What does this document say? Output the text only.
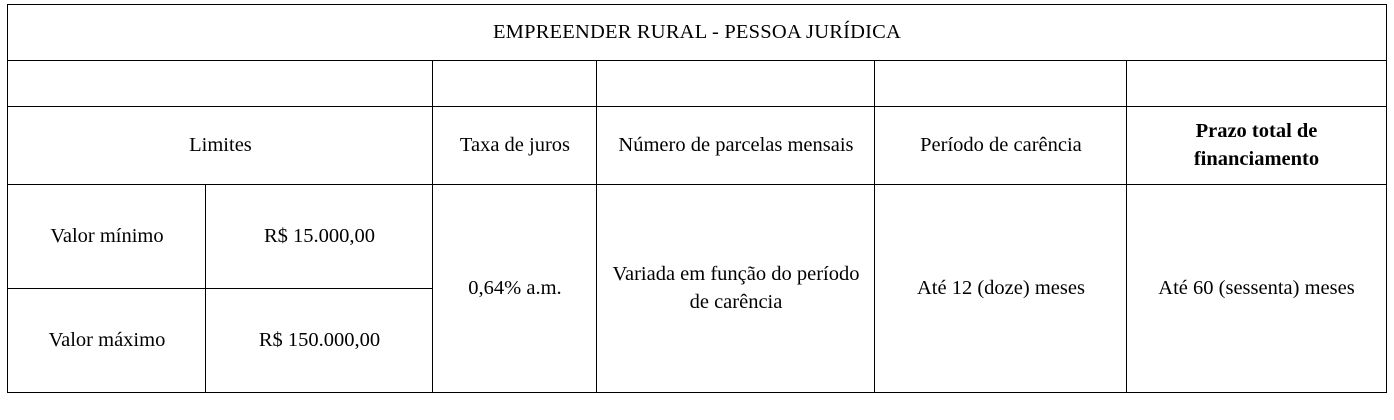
EMPREENDER RURAL - PESSOA JURÍDICA					

Limites		Taxa de juros	Número de parcelas mensais	Período de carência	Prazo total de financiamento
Valor mínimo	R$ 15.000,00	0,64% a.m.	Variada em função do período de carência	Até 12 (doze) meses	Até 60 (sessenta) meses
Valor máximo	R$ 150.000,00				
